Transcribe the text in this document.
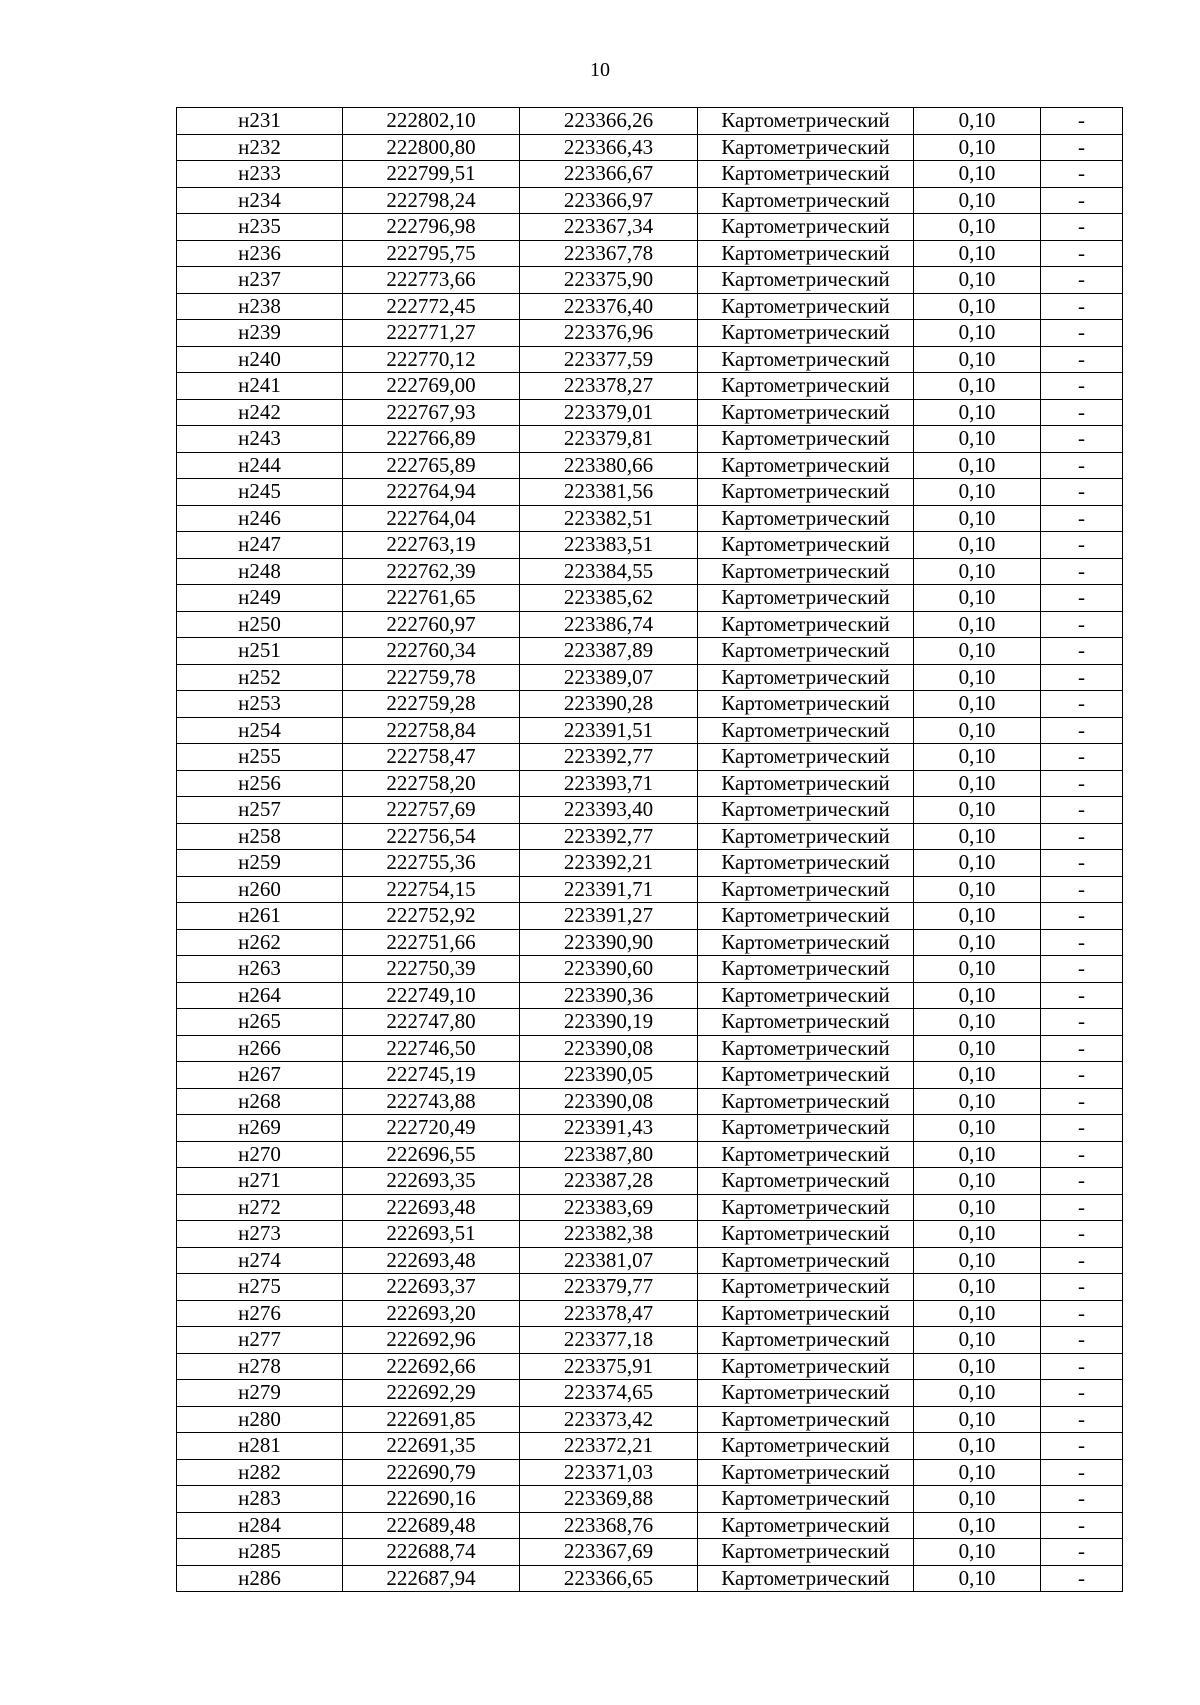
10
н231	222802,10	223366,26	Картометрический	0,10	-
н232	222800,80	223366,43	Картометрический	0,10	-
н233	222799,51	223366,67	Картометрический	0,10	-
н234	222798,24	223366,97	Картометрический	0,10	-
н235	222796,98	223367,34	Картометрический	0,10	-
н236	222795,75	223367,78	Картометрический	0,10	-
н237	222773,66	223375,90	Картометрический	0,10	-
н238	222772,45	223376,40	Картометрический	0,10	-
н239	222771,27	223376,96	Картометрический	0,10	-
н240	222770,12	223377,59	Картометрический	0,10	-
н241	222769,00	223378,27	Картометрический	0,10	-
н242	222767,93	223379,01	Картометрический	0,10	-
н243	222766,89	223379,81	Картометрический	0,10	-
н244	222765,89	223380,66	Картометрический	0,10	-
н245	222764,94	223381,56	Картометрический	0,10	-
н246	222764,04	223382,51	Картометрический	0,10	-
н247	222763,19	223383,51	Картометрический	0,10	-
н248	222762,39	223384,55	Картометрический	0,10	-
н249	222761,65	223385,62	Картометрический	0,10	-
н250	222760,97	223386,74	Картометрический	0,10	-
н251	222760,34	223387,89	Картометрический	0,10	-
н252	222759,78	223389,07	Картометрический	0,10	-
н253	222759,28	223390,28	Картометрический	0,10	-
н254	222758,84	223391,51	Картометрический	0,10	-
н255	222758,47	223392,77	Картометрический	0,10	-
н256	222758,20	223393,71	Картометрический	0,10	-
н257	222757,69	223393,40	Картометрический	0,10	-
н258	222756,54	223392,77	Картометрический	0,10	-
н259	222755,36	223392,21	Картометрический	0,10	-
н260	222754,15	223391,71	Картометрический	0,10	-
н261	222752,92	223391,27	Картометрический	0,10	-
н262	222751,66	223390,90	Картометрический	0,10	-
н263	222750,39	223390,60	Картометрический	0,10	-
н264	222749,10	223390,36	Картометрический	0,10	-
н265	222747,80	223390,19	Картометрический	0,10	-
н266	222746,50	223390,08	Картометрический	0,10	-
н267	222745,19	223390,05	Картометрический	0,10	-
н268	222743,88	223390,08	Картометрический	0,10	-
н269	222720,49	223391,43	Картометрический	0,10	-
н270	222696,55	223387,80	Картометрический	0,10	-
н271	222693,35	223387,28	Картометрический	0,10	-
н272	222693,48	223383,69	Картометрический	0,10	-
н273	222693,51	223382,38	Картометрический	0,10	-
н274	222693,48	223381,07	Картометрический	0,10	-
н275	222693,37	223379,77	Картометрический	0,10	-
н276	222693,20	223378,47	Картометрический	0,10	-
н277	222692,96	223377,18	Картометрический	0,10	-
н278	222692,66	223375,91	Картометрический	0,10	-
н279	222692,29	223374,65	Картометрический	0,10	-
н280	222691,85	223373,42	Картометрический	0,10	-
н281	222691,35	223372,21	Картометрический	0,10	-
н282	222690,79	223371,03	Картометрический	0,10	-
н283	222690,16	223369,88	Картометрический	0,10	-
н284	222689,48	223368,76	Картометрический	0,10	-
н285	222688,74	223367,69	Картометрический	0,10	-
н286	222687,94	223366,65	Картометрический	0,10	-
